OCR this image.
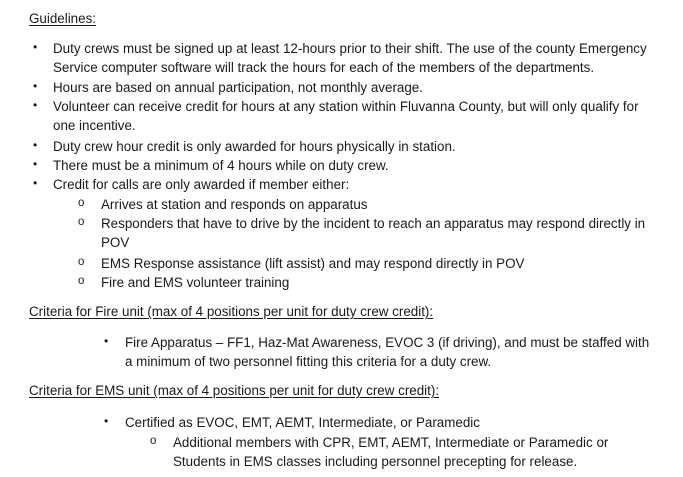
Guidelines:
• Duty crews must be signed up at least 12-hours prior to their shift. The use of the county Emergency
Service computer software will track the hours for each of the members of the departments.
• Hours are based on annual participation, not monthly average.
• Volunteer can receive credit for hours at any station within Fluvanna County, but will only qualify for
one incentive.
• Duty crew hour credit is only awarded for hours physically in station.
• There must be a minimum of 4 hours while on duty crew.
• Credit for calls are only awarded if member either:
o Arrives at station and responds on apparatus
o Responders that have to drive by the incident to reach an apparatus may respond directly in
POV
o EMS Response assistance (lift assist) and may respond directly in POV
o Fire and EMS volunteer training
Criteria for Fire unit (max of 4 positions per unit for duty crew credit):
• Fire Apparatus – FF1, Haz-Mat Awareness, EVOC 3 (if driving), and must be staffed with
a minimum of two personnel fitting this criteria for a duty crew.
Criteria for EMS unit (max of 4 positions per unit for duty crew credit):
• Certified as EVOC, EMT, AEMT, Intermediate, or Paramedic
o Additional members with CPR, EMT, AEMT, Intermediate or Paramedic or
Students in EMS classes including personnel precepting for release.
